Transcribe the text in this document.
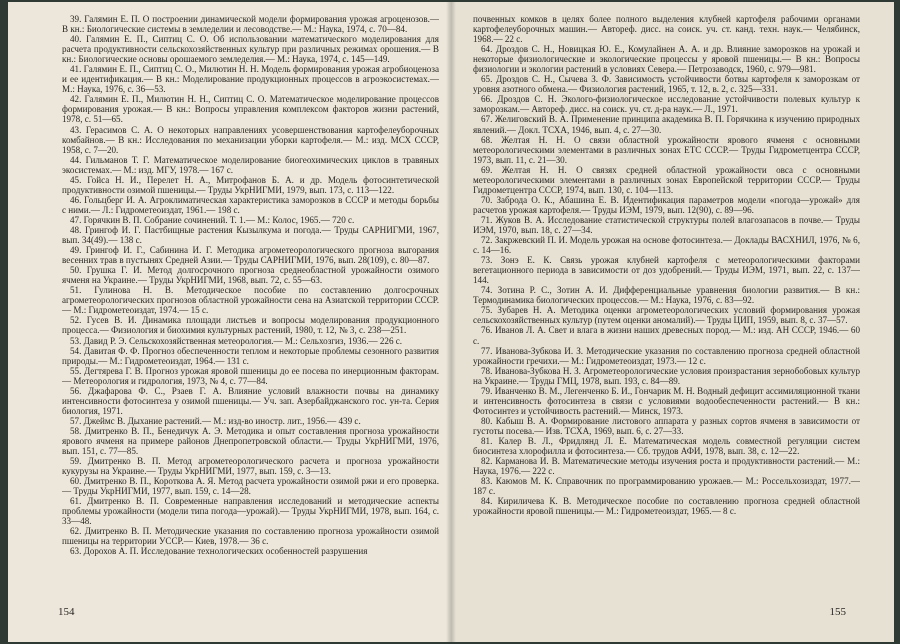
39. Галямин Е. П. О построении динамической модели формирования урожая агроценозов.— В кн.: Биологические системы в земледелии и лесоводстве.— М.: Наука, 1974, с. 70—84.

40. Галямин Е. П., Сиптиц С. О. Об использовании математического моделирования для расчета продуктивности сельскохозяйственных культур при различных режимах орошения.— В кн.: Биологические основы орошаемого земледелия.— М.: Наука, 1974, с. 145—149.

41. Галямин Е. П., Сиптиц С. О., Милютин Н. Н. Модель формирования урожая агробиоценоза и ее идентификация.— В кн.: Моделирование продукционных процессов в агроэкосистемах.— М.: Наука, 1976, с. 36—53.

42. Галямин Е. П., Милютин Н. Н., Сиптиц С. О. Математическое моделирование процессов формирования урожая.— В кн.: Вопросы управления комплексом факторов жизни растений, 1978, с. 51—65.

43. Герасимов С. А. О некоторых направлениях усовершенствования картофелеуборочных комбайнов.— В кн.: Исследования по механизации уборки картофеля.— М.: изд. МСХ СССР, 1958, с. 7—20.

44. Гильманов Т. Г. Математическое моделирование биогеохимических циклов в травяных экосистемах.— М.: изд. МГУ, 1978.— 167 с.

45. Гойса Н. И., Перелет Н. А., Митрофанов Б. А. и др. Модель фотосинтетической продуктивности озимой пшеницы.— Труды УкрНИГМИ, 1979, вып. 173, с. 113—122.

46. Гольцберг И. А. Агроклиматическая характеристика заморозков в СССР и методы борьбы с ними.— Л.: Гидрометеоиздат, 1961.— 198 с.

47. Горячкин В. П. Собрание сочинений. Т. 1.— М.: Колос, 1965.— 720 с.

48. Грингоф И. Г. Пастбищные растения Кызылкума и погода.— Труды САРНИГМИ, 1967, вып. 34(49).— 138 с.

49. Грингоф И. Г., Сабинина И. Г. Методика агрометеорологического прогноза выгорания весенних трав в пустынях Средней Азии.— Труды САРНИГМИ, 1976, вып. 28(109), с. 80—87.

50. Грушка Г. И. Метод долгосрочного прогноза среднеобластной урожайности озимого ячменя на Украине.— Труды УкрНИГМИ, 1968, вып. 72, с. 55—63.

51. Гулинова Н. В. Методическое пособие по составлению долгосрочных агрометеорологических прогнозов областной урожайности сена на Азиатской территории СССР.— М.: Гидрометеоиздат, 1974.— 15 с.

52. Гусев В. И. Динамика площади листьев и вопросы моделирования продукционного процесса.— Физиология и биохимия культурных растений, 1980, т. 12, № 3, с. 238—251.

53. Давид Р. Э. Сельскохозяйственная метеорология.— М.: Сельхозгиз, 1936.— 226 с.

54. Давитая Ф. Ф. Прогноз обеспеченности теплом и некоторые проблемы сезонного развития природы.— М.: Гидрометеоиздат, 1964.— 131 с.

55. Дегтярева Г. В. Прогноз урожая яровой пшеницы до ее посева по инерционным факторам.— Метеорология и гидрология, 1973, № 4, с. 77—84.

56. Джафарова Ф. С., Рзаев Г. А. Влияние условий влажности почвы на динамику интенсивности фотосинтеза у озимой пшеницы.— Уч. зап. Азербайджанского гос. ун-та. Серия биология, 1971.

57. Джеймс В. Дыхание растений.— М.: изд-во иностр. лит., 1956.— 439 с.

58. Дмитренко В. П., Бенедичук А. Э. Методика и опыт составления прогноза урожайности ярового ячменя на примере районов Днепропетровской области.— Труды УкрНИГМИ, 1976, вып. 151, с. 77—85.

59. Дмитренко В. П. Метод агрометеорологического расчета и прогноза урожайности кукурузы на Украине.— Труды УкрНИГМИ, 1977, вып. 159, с. 3—13.

60. Дмитренко В. П., Короткова А. Я. Метод расчета урожайности озимой ржи и его проверка.— Труды УкрНИГМИ, 1977, вып. 159, с. 14—28.

61. Дмитренко В. П. Современные направления исследований и методические аспекты проблемы урожайности (модели типа погода—урожай).— Труды УкрНИГМИ, 1978, вып. 164, с. 33—48.

62. Дмитренко В. П. Методические указания по составлению прогноза урожайности озимой пшеницы на территории УССР.— Киев, 1978.— 36 с.

63. Дорохов А. П. Исследование технологических особенностей разрушения

154

почвенных комков в целях более полного выделения клубней картофеля рабочими органами картофелеуборочных машин.— Автореф. дисс. на соиск. уч. ст. канд. техн. наук.— Челябинск, 1968.— 22 с.

64. Дроздов С. Н., Новицкая Ю. Е., Комулайнен А. А. и др. Влияние заморозков на урожай и некоторые физиологические и экологические процессы у яровой пшеницы.— В кн.: Вопросы физиологии и экологии растений в условиях Севера.— Петрозаводск, 1960, с. 979—981.

65. Дроздов С. Н., Сычева З. Ф. Зависимость устойчивости ботвы картофеля к заморозкам от уровня азотного обмена.— Физиология растений, 1965, т. 12, в. 2, с. 325—331.

66. Дроздов С. Н. Эколого-физиологическое исследование устойчивости полевых культур к заморозкам.— Автореф. дисс. на соиск. уч. ст. д-ра наук.— Л., 1971.

67. Желиговский В. А. Применение принципа академика В. П. Горячкина к изучению природных явлений.— Докл. ТСХА, 1946, вып. 4, с. 27—30.

68. Желтая Н. Н. О связи областной урожайности ярового ячменя с основными метеорологическими элементами в различных зонах ЕТС СССР.— Труды Гидрометцентра СССР, 1973, вып. 11, с. 21—30.

69. Желтая Н. Н. О связях средней областной урожайности овса с основными метеорологическими элементами в различных зонах Европейской территории СССР.— Труды Гидрометцентра СССР, 1974, вып. 130, с. 104—113.

70. Забродa О. К., Абашина Е. В. Идентификация параметров модели «погода—урожай» для расчетов урожая картофеля.— Труды ИЭМ, 1979, вып. 12(90), с. 89—96.

71. Жуков В. А. Исследование статистической структуры полей влагозапасов в почве.— Труды ИЭМ, 1970, вып. 18, с. 27—34.

72. Закржевский П. И. Модель урожая на основе фотосинтеза.— Доклады ВАСХНИЛ, 1976, № 6, с. 14—16.

73. Зонэ Е. К. Связь урожая клубней картофеля с метеорологическими факторами вегетационного периода в зависимости от доз удобрений.— Труды ИЭМ, 1971, вып. 22, с. 137—144.

74. Зотина Р. С., Зотин А. И. Дифференциальные уравнения биологии развития.— В кн.: Термодинамика биологических процессов.— М.: Наука, 1976, с. 83—92.

75. Зубарев Н. А. Методика оценки агрометеорологических условий формирования урожая сельскохозяйственных культур (путем оценки аномалий).— Труды ЦИП, 1959, вып. 8, с. 37—57.

76. Иванов Л. А. Свет и влага в жизни наших древесных пород.— М.: изд. АН СССР, 1946.— 60 с.

77. Иванова-Зубкова И. З. Методические указания по составлению прогноза средней областной урожайности гречихи.— М.: Гидрометеоиздат, 1973.— 12 с.

78. Иванова-Зубкова Н. З. Агрометеорологические условия произрастания зернобобовых культур на Украине.— Труды ГМЦ, 1978, вып. 193, с. 84—89.

79. Иванченко В. М., Легенченко Б. И., Гончарик М. Н. Водный дефицит ассимиляционной ткани и интенсивность фотосинтеза в связи с условиями водообеспеченности растений.— В кн.: Фотосинтез и устойчивость растений.— Минск, 1973.

80. Кабыш В. А. Формирование листового аппарата у разных сортов ячменя в зависимости от густоты посева.— Изв. ТСХА, 1969, вып. 6, с. 27—33.

81. Калер В. Л., Фридлянд Л. Е. Математическая модель совместной регуляции систем биосинтеза хлорофилла и фотосинтеза.— Сб. трудов АФИ, 1978, вып. 38, с. 12—22.

82. Карманова И. В. Математические методы изучения роста и продуктивности растений.— М.: Наука, 1976.— 222 с.

83. Каюмов М. К. Справочник по программированию урожаев.— М.: Россельхозиздат, 1977.— 187 с.

84. Кириличева К. В. Методическое пособие по составлению прогноза средней областной урожайности яровой пшеницы.— М.: Гидрометеоиздат, 1965.— 8 с.

155
